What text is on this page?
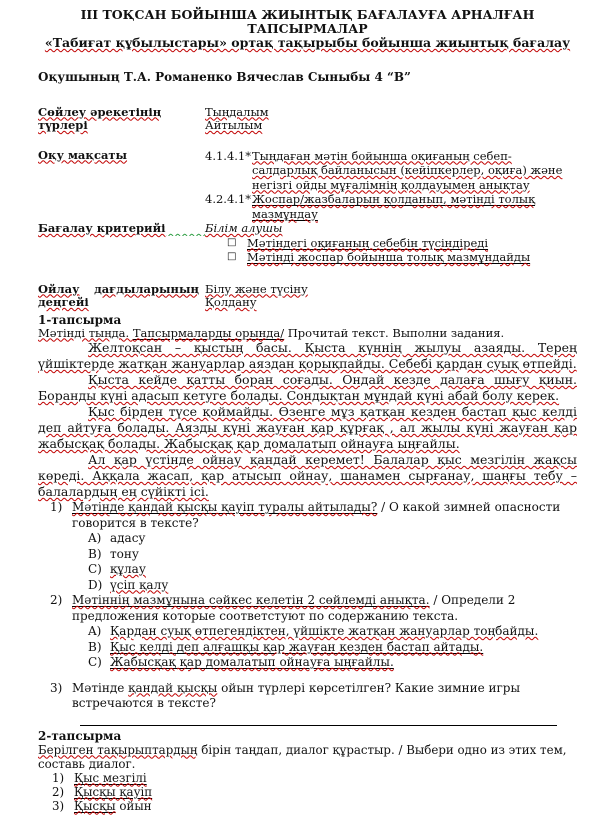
III ТОҚСАН БОЙЫНША ЖИЫНТЫҚ БАҒАЛАУҒА АРНАЛҒАН ТАПСЫРМАЛАР
«Табиғат құбылыстары» ортақ тақырыбы бойынша жиынтық бағалау
Оқушының Т.А. Романенко Вячеслав Сыныбы 4 “В”
Сөйлеу әрекетінің түрлері
Тыңдалым
Айтылым
Оқу мақсаты	4.1.4.1* Тыңдаған мәтін бойынша оқиғаның себеп-салдарлық байланысын (кейіпкерлер, оқиға) және негізгі ойды мұғалімнің қолдауымен анықтау
4.2.4.1* Жоспар/жазбаларын қолданып, мәтінді толық мазмұндау
Бағалау критерийі	Білім алушы
□ Мәтіндегі оқиғаның себебін түсіндіреді
□ Мәтінді жоспар бойынша толық мазмұндайды
Ойлау дағдыларының
деңгейі
Білу және түсіну
Қолдану
1-тапсырма
Мәтінді тыңда. Тапсырмаларды орында/ Прочитай текст. Выполни задания.

Желтоқсан – қыстың басы. Қыста күннің жылуы азаяды. Терең үйшіктерде жатқан жануарлар аяздан қорықпайды. Себебі қардан суық өтпейді.

Қыста кейде қатты боран соғады. Ондай кезде далаға шығу қиын. Боранды күні адасып кетуге болады. Сондықтан мұндай күні абай болу керек.

Қыс бірден түсе қоймайды. Өзенге мұз қатқан кезден бастап қыс келді деп айтуға болады. Аязды күні жауған қар құрғақ , ал жылы күні жауған қар жабысқақ болады. Жабысқақ қар домалатып ойнауға ыңғайлы.

Ал қар үстінде ойнау қандай керемет! Балалар қыс мезгілін жақсы көреді. Аққала жасап, қар атысып ойнау, шанамен сырғанау, шаңғы тебу – балалардың ең сүйікті ісі.

1) Мәтінде қандай қысқы қауіп туралы айтылады? / О какой зимней опасности говорится в тексте?
A) адасу
B) тону
C) құлау
D) үсіп қалу
2) Мәтіннің мазмұнына сәйкес келетін 2 сөйлемді анықта. / Определи 2 предложения которые соответстуют по содержанию текста.
A) Қардан суық өтпегендіктен, үйшікте жатқан жануарлар тоңбайды.
B) Қыс келді деп алғашқы қар жауған кезден бастап айтады.
C) Жабысқақ қар домалатып ойнауға ыңғайлы.
3) Мәтінде қандай қысқы ойын түрлері көрсетілген? Какие зимние игры встречаются в тексте?
2-тапсырма
Берілген тақырыптардың бірін таңдап, диалог құрастыр. / Выбери одно из этих тем, составь диалог.
1) Қыс мезгілі
2) Қысқы қауіп
3) Қысқы ойын
